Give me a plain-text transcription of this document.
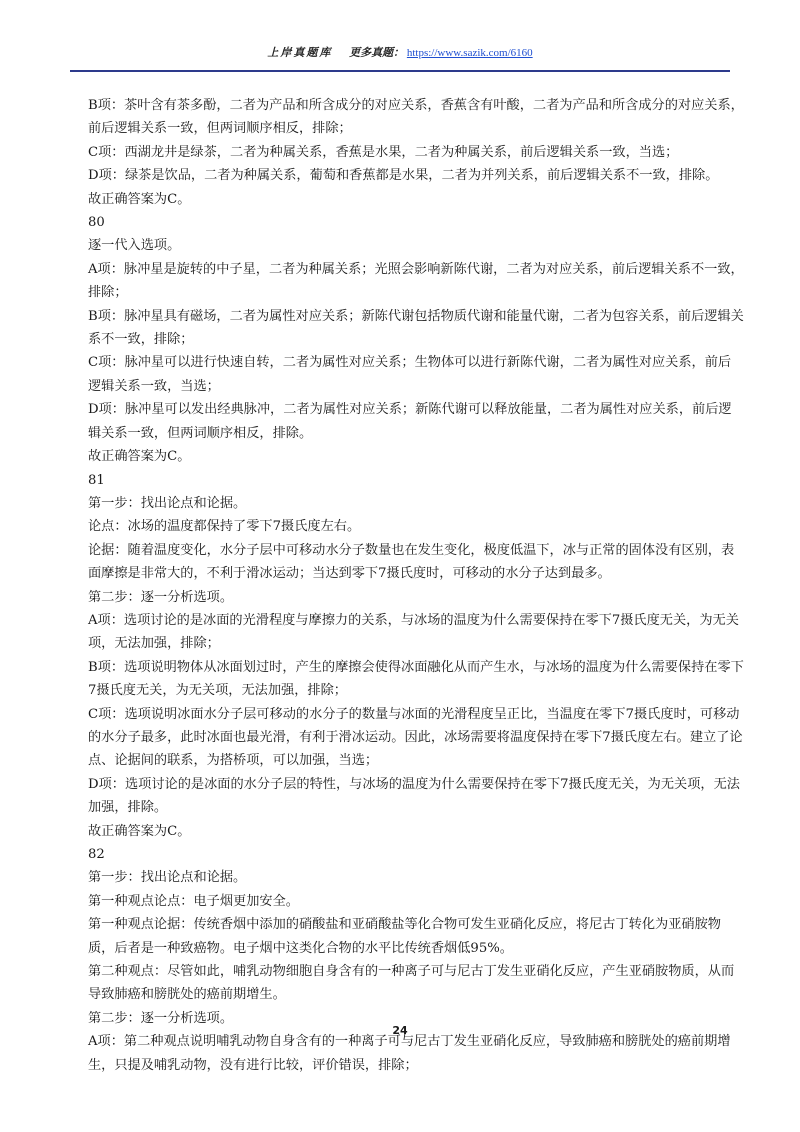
上岸真题库 更多真题： https://www.sazik.com/6160

B项：茶叶含有茶多酚，二者为产品和所含成分的对应关系，香蕉含有叶酸，二者为产品和所含成分的对应关系，前后逻辑关系一致，但两词顺序相反，排除；

C项：西湖龙井是绿茶，二者为种属关系，香蕉是水果，二者为种属关系，前后逻辑关系一致，当选；

D项：绿茶是饮品，二者为种属关系，葡萄和香蕉都是水果，二者为并列关系，前后逻辑关系不一致，排除。

故正确答案为C。

80

逐一代入选项。

A项：脉冲星是旋转的中子星，二者为种属关系；光照会影响新陈代谢，二者为对应关系，前后逻辑关系不一致，排除；

B项：脉冲星具有磁场，二者为属性对应关系；新陈代谢包括物质代谢和能量代谢，二者为包容关系，前后逻辑关系不一致，排除；

C项：脉冲星可以进行快速自转，二者为属性对应关系；生物体可以进行新陈代谢，二者为属性对应关系，前后逻辑关系一致，当选；

D项：脉冲星可以发出经典脉冲，二者为属性对应关系；新陈代谢可以释放能量，二者为属性对应关系，前后逻辑关系一致，但两词顺序相反，排除。

故正确答案为C。

81

第一步：找出论点和论据。

论点：冰场的温度都保持了零下7摄氏度左右。

论据：随着温度变化，水分子层中可移动水分子数量也在发生变化，极度低温下，冰与正常的固体没有区别，表面摩擦是非常大的，不利于滑冰运动；当达到零下7摄氏度时，可移动的水分子达到最多。

第二步：逐一分析选项。

A项：选项讨论的是冰面的光滑程度与摩擦力的关系，与冰场的温度为什么需要保持在零下7摄氏度无关，为无关项，无法加强，排除；

B项：选项说明物体从冰面划过时，产生的摩擦会使得冰面融化从而产生水，与冰场的温度为什么需要保持在零下7摄氏度无关，为无关项，无法加强，排除；

C项：选项说明冰面水分子层可移动的水分子的数量与冰面的光滑程度呈正比，当温度在零下7摄氏度时，可移动的水分子最多，此时冰面也最光滑，有利于滑冰运动。因此，冰场需要将温度保持在零下7摄氏度左右。建立了论点、论据间的联系，为搭桥项，可以加强，当选；

D项：选项讨论的是冰面的水分子层的特性，与冰场的温度为什么需要保持在零下7摄氏度无关，为无关项，无法加强，排除。

故正确答案为C。

82

第一步：找出论点和论据。

第一种观点论点：电子烟更加安全。

第一种观点论据：传统香烟中添加的硝酸盐和亚硝酸盐等化合物可发生亚硝化反应，将尼古丁转化为亚硝胺物质，后者是一种致癌物。电子烟中这类化合物的水平比传统香烟低95%。

第二种观点：尽管如此，哺乳动物细胞自身含有的一种离子可与尼古丁发生亚硝化反应，产生亚硝胺物质，从而导致肺癌和膀胱处的癌前期增生。

第二步：逐一分析选项。

A项：第二种观点说明哺乳动物自身含有的一种离子可与尼古丁发生亚硝化反应，导致肺癌和膀胱处的癌前期增生，只提及哺乳动物，没有进行比较，评价错误，排除；

24
